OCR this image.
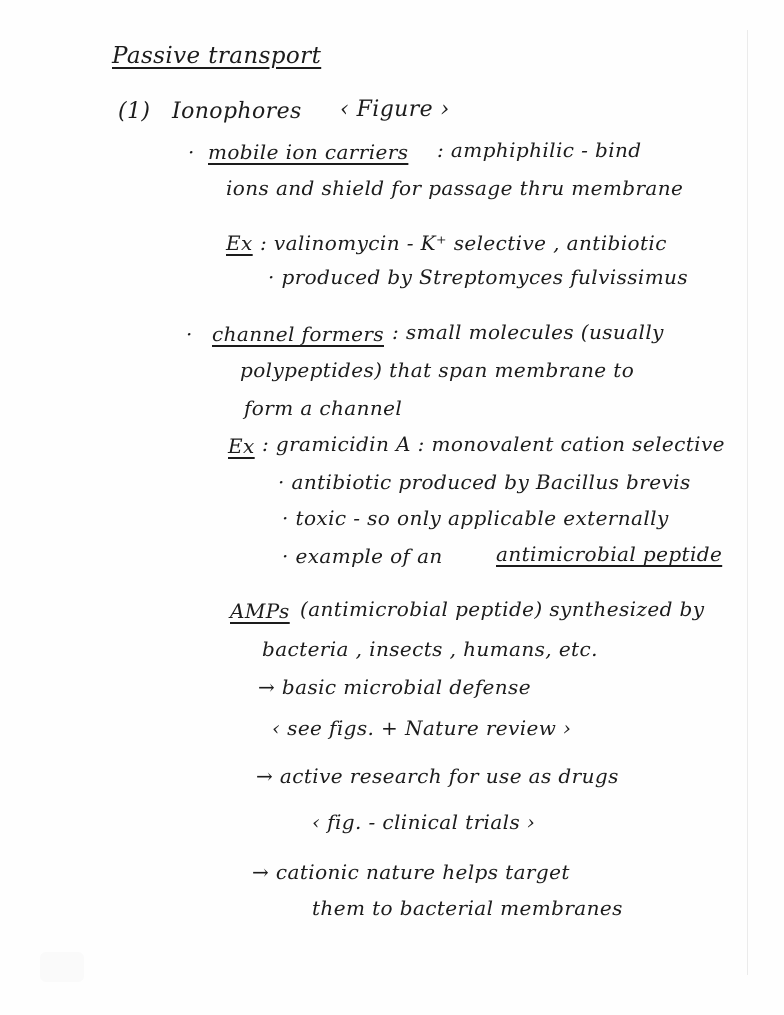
Passive transport
(1) Ionophores ‹ Figure ›
· mobile ion carriers : amphiphilic - bind
ions and shield for passage thru membrane
Ex : valinomycin - K⁺ selective , antibiotic
· produced by Streptomyces fulvissimus
· channel formers : small molecules (usually
polypeptides) that span membrane to
form a channel
Ex : gramicidin A : monovalent cation selective
· antibiotic produced by Bacillus brevis
· toxic - so only applicable externally
· example of an	antimicrobial peptide
AMPs (antimicrobial peptide) synthesized by
bacteria , insects , humans, etc.
→ basic microbial defense
‹ see figs. + Nature review ›
→ active research for use as drugs
‹ fig. - clinical trials ›
→ cationic nature helps target
them to bacterial membranes
